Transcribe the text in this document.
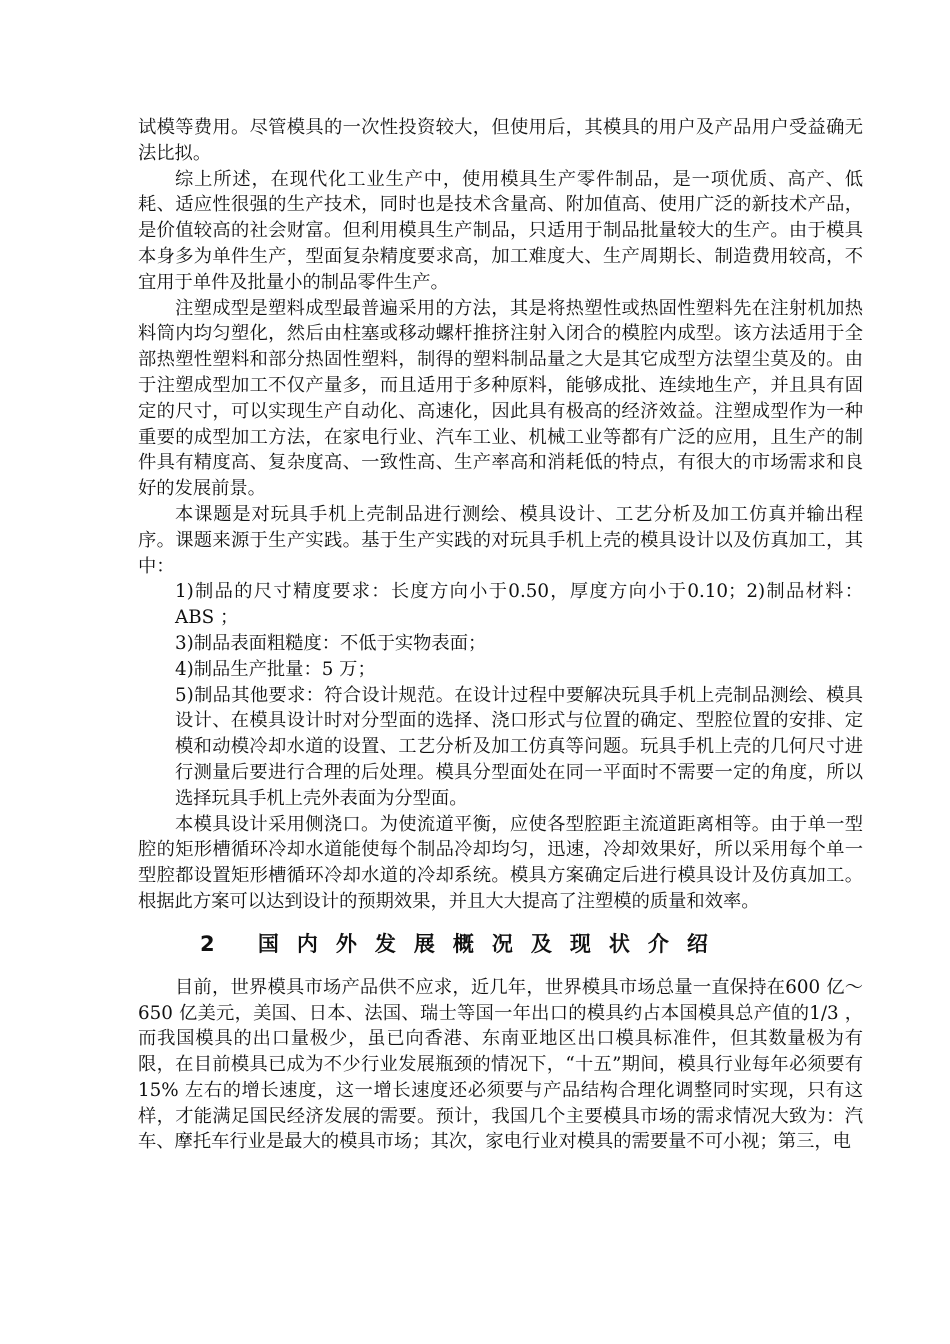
试模等费用。尽管模具的一次性投资较大，但使用后，其模具的用户及产品用户受益确无法比拟。

综上所述，在现代化工业生产中，使用模具生产零件制品，是一项优质、高产、低耗、适应性很强的生产技术，同时也是技术含量高、附加值高、使用广泛的新技术产品，是价值较高的社会财富。但利用模具生产制品，只适用于制品批量较大的生产。由于模具本身多为单件生产，型面复杂精度要求高，加工难度大、生产周期长、制造费用较高，不宜用于单件及批量小的制品零件生产。

注塑成型是塑料成型最普遍采用的方法，其是将热塑性或热固性塑料先在注射机加热料筒内均匀塑化，然后由柱塞或移动螺杆推挤注射入闭合的模腔内成型。该方法适用于全部热塑性塑料和部分热固性塑料，制得的塑料制品量之大是其它成型方法望尘莫及的。由于注塑成型加工不仅产量多，而且适用于多种原料，能够成批、连续地生产，并且具有固定的尺寸，可以实现生产自动化、高速化，因此具有极高的经济效益。注塑成型作为一种重要的成型加工方法，在家电行业、汽车工业、机械工业等都有广泛的应用，且生产的制件具有精度高、复杂度高、一致性高、生产率高和消耗低的特点，有很大的市场需求和良好的发展前景。

本课题是对玩具手机上壳制品进行测绘、模具设计、工艺分析及加工仿真并输出程序。课题来源于生产实践。基于生产实践的对玩具手机上壳的模具设计以及仿真加工，其中：

1)制品的尺寸精度要求：长度方向小于0.50，厚度方向小于0.10；2)制品材料：ABS ；
3)制品表面粗糙度：不低于实物表面；
4)制品生产批量：5 万；
5)制品其他要求：符合设计规范。在设计过程中要解决玩具手机上壳制品测绘、模具设计、在模具设计时对分型面的选择、浇口形式与位置的确定、型腔位置的安排、定模和动模冷却水道的设置、工艺分析及加工仿真等问题。玩具手机上壳的几何尺寸进行测量后要进行合理的后处理。模具分型面处在同一平面时不需要一定的角度，所以选择玩具手机上壳外表面为分型面。

本模具设计采用侧浇口。为使流道平衡，应使各型腔距主流道距离相等。由于单一型腔的矩形槽循环冷却水道能使每个制品冷却均匀，迅速，冷却效果好，所以采用每个单一型腔都设置矩形槽循环冷却水道的冷却系统。模具方案确定后进行模具设计及仿真加工。根据此方案可以达到设计的预期效果，并且大大提高了注塑模的质量和效率。

2 国内外发展概况及现状介绍

目前，世界模具市场产品供不应求，近几年，世界模具市场总量一直保持在600 亿～650 亿美元，美国、日本、法国、瑞士等国一年出口的模具约占本国模具总产值的1/3 ，而我国模具的出口量极少，虽已向香港、东南亚地区出口模具标准件，但其数量极为有限，在目前模具已成为不少行业发展瓶颈的情况下，“十五”期间，模具行业每年必须要有15% 左右的增长速度，这一增长速度还必须要与产品结构合理化调整同时实现，只有这样，才能满足国民经济发展的需要。预计，我国几个主要模具市场的需求情况大致为：汽车、摩托车行业是最大的模具市场；其次，家电行业对模具的需要量不可小视；第三，电
